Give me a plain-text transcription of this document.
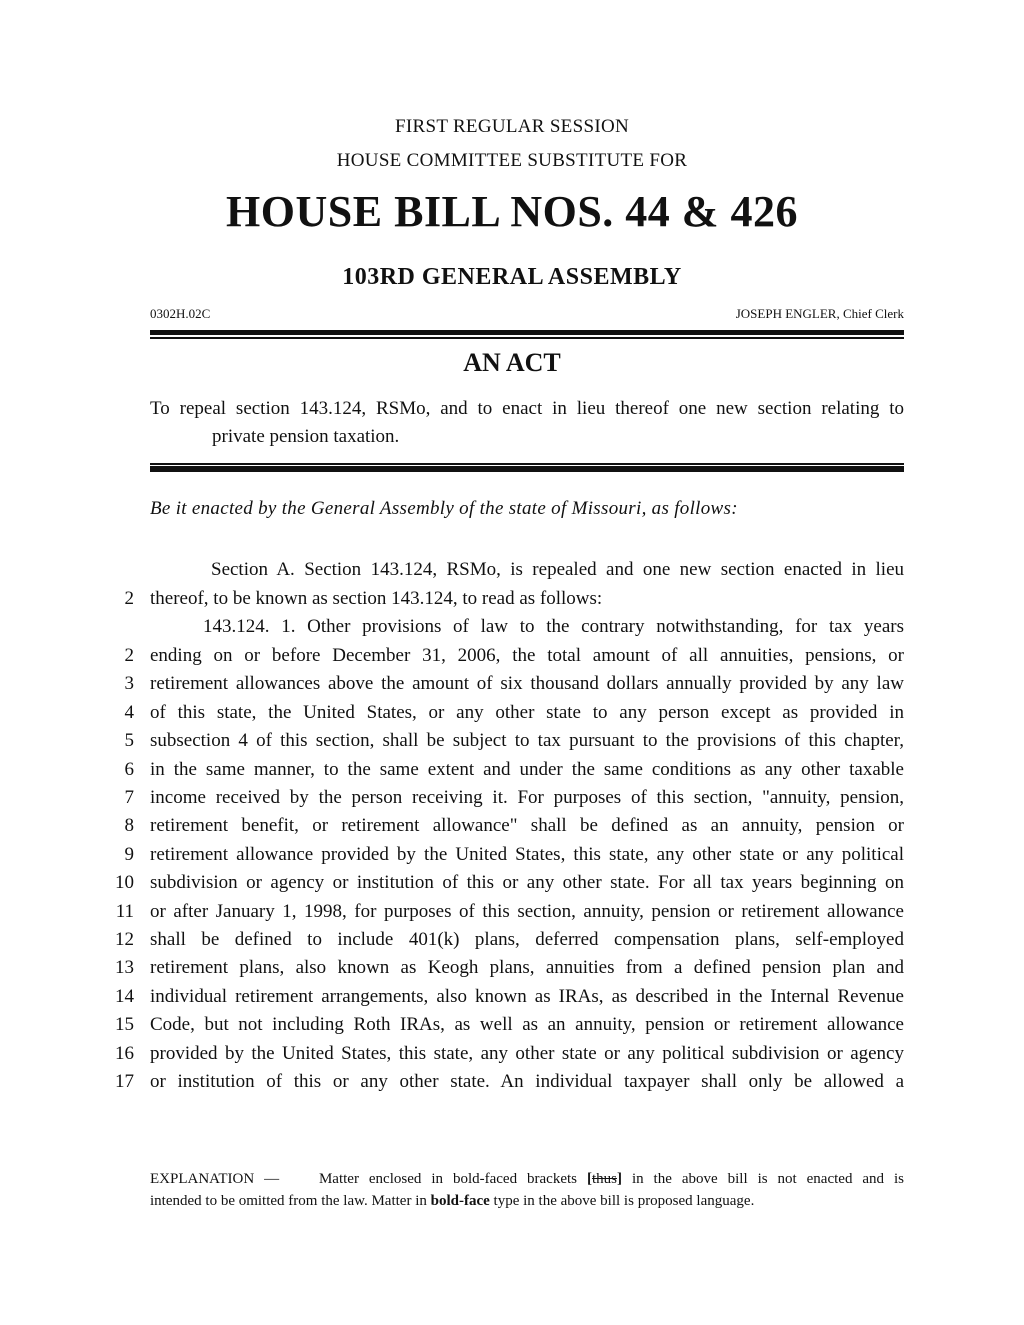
FIRST REGULAR SESSION
HOUSE COMMITTEE SUBSTITUTE FOR
HOUSE BILL NOS. 44 & 426
103RD GENERAL ASSEMBLY
0302H.02C	JOSEPH ENGLER, Chief Clerk
AN ACT
To repeal section 143.124, RSMo, and to enact in lieu thereof one new section relating to
private pension taxation.
Be it enacted by the General Assembly of the state of Missouri, as follows:
Section A. Section 143.124, RSMo, is repealed and one new section enacted in lieu
2 thereof, to be known as section 143.124, to read as follows:
143.124. 1. Other provisions of law to the contrary notwithstanding, for tax years
2 ending on or before December 31, 2006, the total amount of all annuities, pensions, or
3 retirement allowances above the amount of six thousand dollars annually provided by any law
4 of this state, the United States, or any other state to any person except as provided in
5 subsection 4 of this section, shall be subject to tax pursuant to the provisions of this chapter,
6 in the same manner, to the same extent and under the same conditions as any other taxable
7 income received by the person receiving it. For purposes of this section, "annuity, pension,
8 retirement benefit, or retirement allowance" shall be defined as an annuity, pension or
9 retirement allowance provided by the United States, this state, any other state or any political
10 subdivision or agency or institution of this or any other state. For all tax years beginning on
11 or after January 1, 1998, for purposes of this section, annuity, pension or retirement allowance
12 shall be defined to include 401(k) plans, deferred compensation plans, self-employed
13 retirement plans, also known as Keogh plans, annuities from a defined pension plan and
14 individual retirement arrangements, also known as IRAs, as described in the Internal Revenue
15 Code, but not including Roth IRAs, as well as an annuity, pension or retirement allowance
16 provided by the United States, this state, any other state or any political subdivision or agency
17 or institution of this or any other state. An individual taxpayer shall only be allowed a
EXPLANATION —	Matter enclosed in bold-faced brackets [thus] in the above bill is not enacted and is
intended to be omitted from the law. Matter in bold-face type in the above bill is proposed language.
